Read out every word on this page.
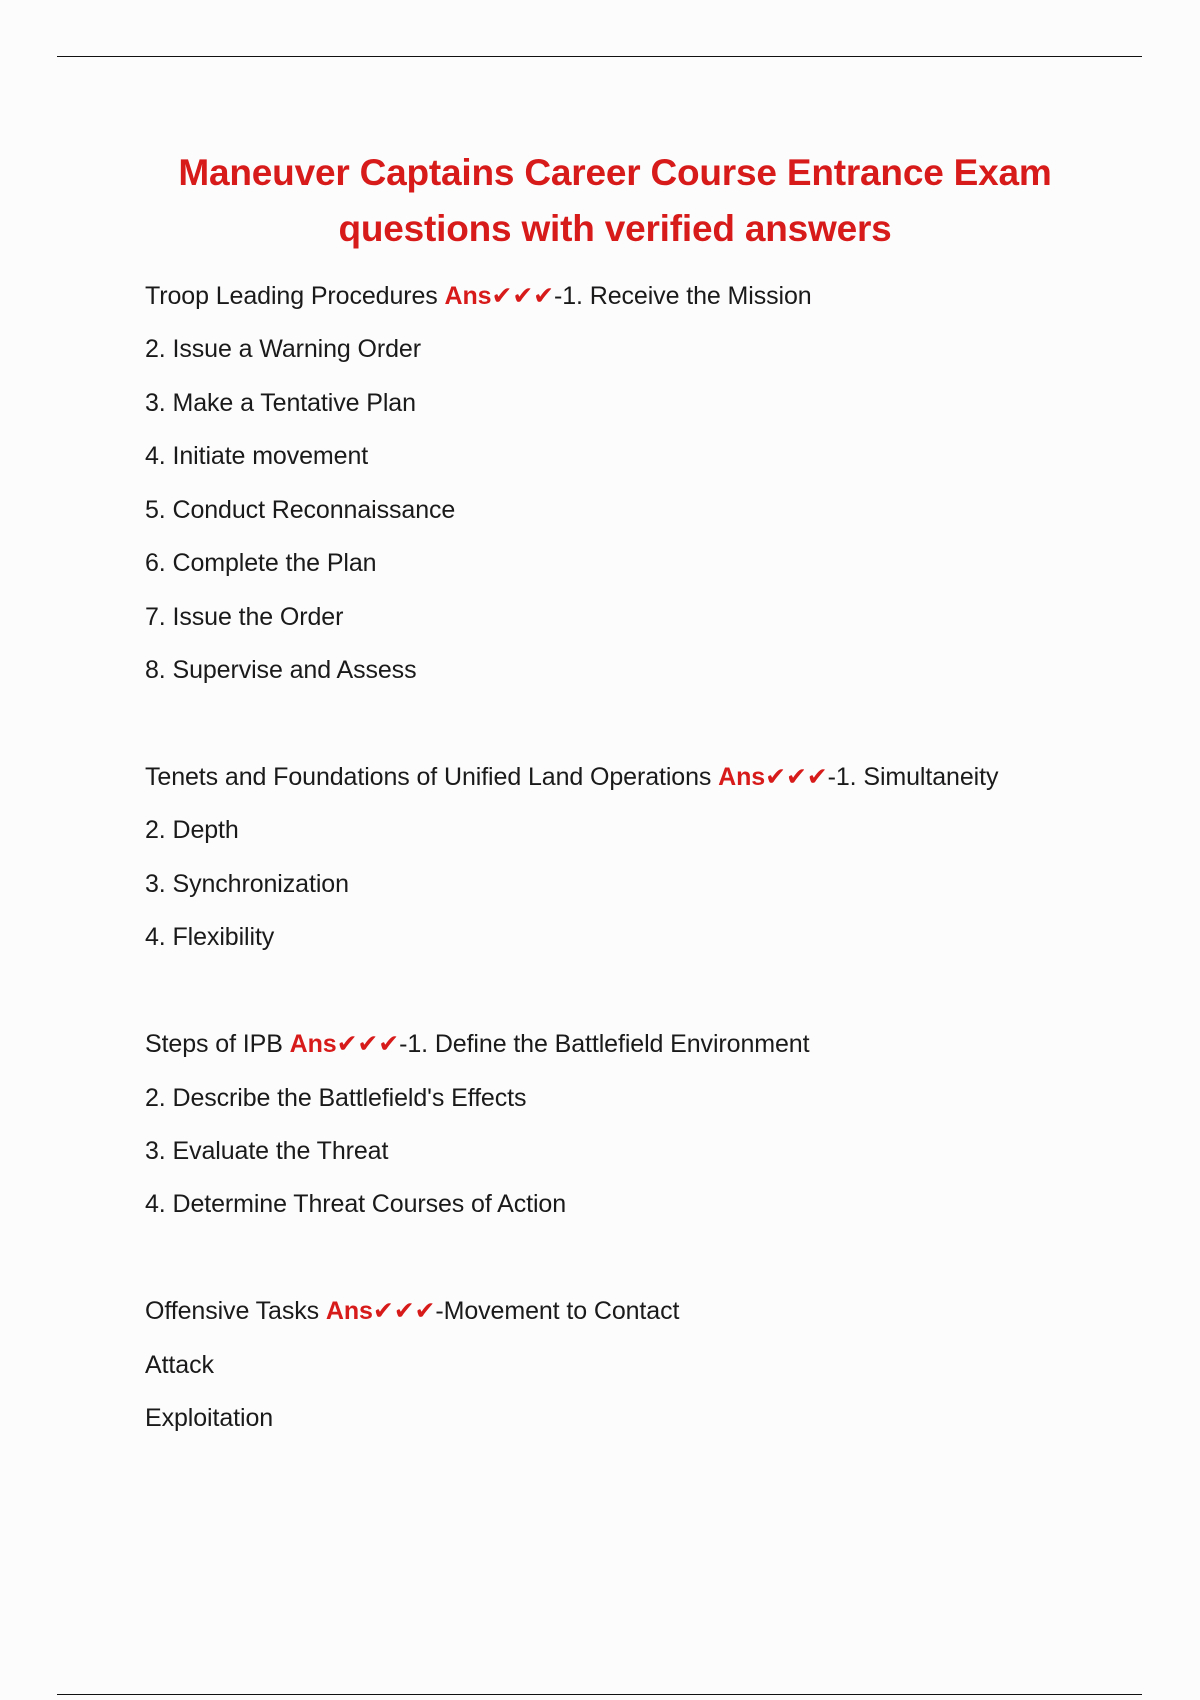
Maneuver Captains Career Course Entrance Exam
questions with verified answers
Troop Leading Procedures Ans✔✔✔-1. Receive the Mission
2. Issue a Warning Order
3. Make a Tentative Plan
4. Initiate movement
5. Conduct Reconnaissance
6. Complete the Plan
7. Issue the Order
8. Supervise and Assess
Tenets and Foundations of Unified Land Operations Ans✔✔✔-1. Simultaneity
2. Depth
3. Synchronization
4. Flexibility
Steps of IPB Ans✔✔✔-1. Define the Battlefield Environment
2. Describe the Battlefield's Effects
3. Evaluate the Threat
4. Determine Threat Courses of Action
Offensive Tasks Ans✔✔✔-Movement to Contact
Attack
Exploitation
